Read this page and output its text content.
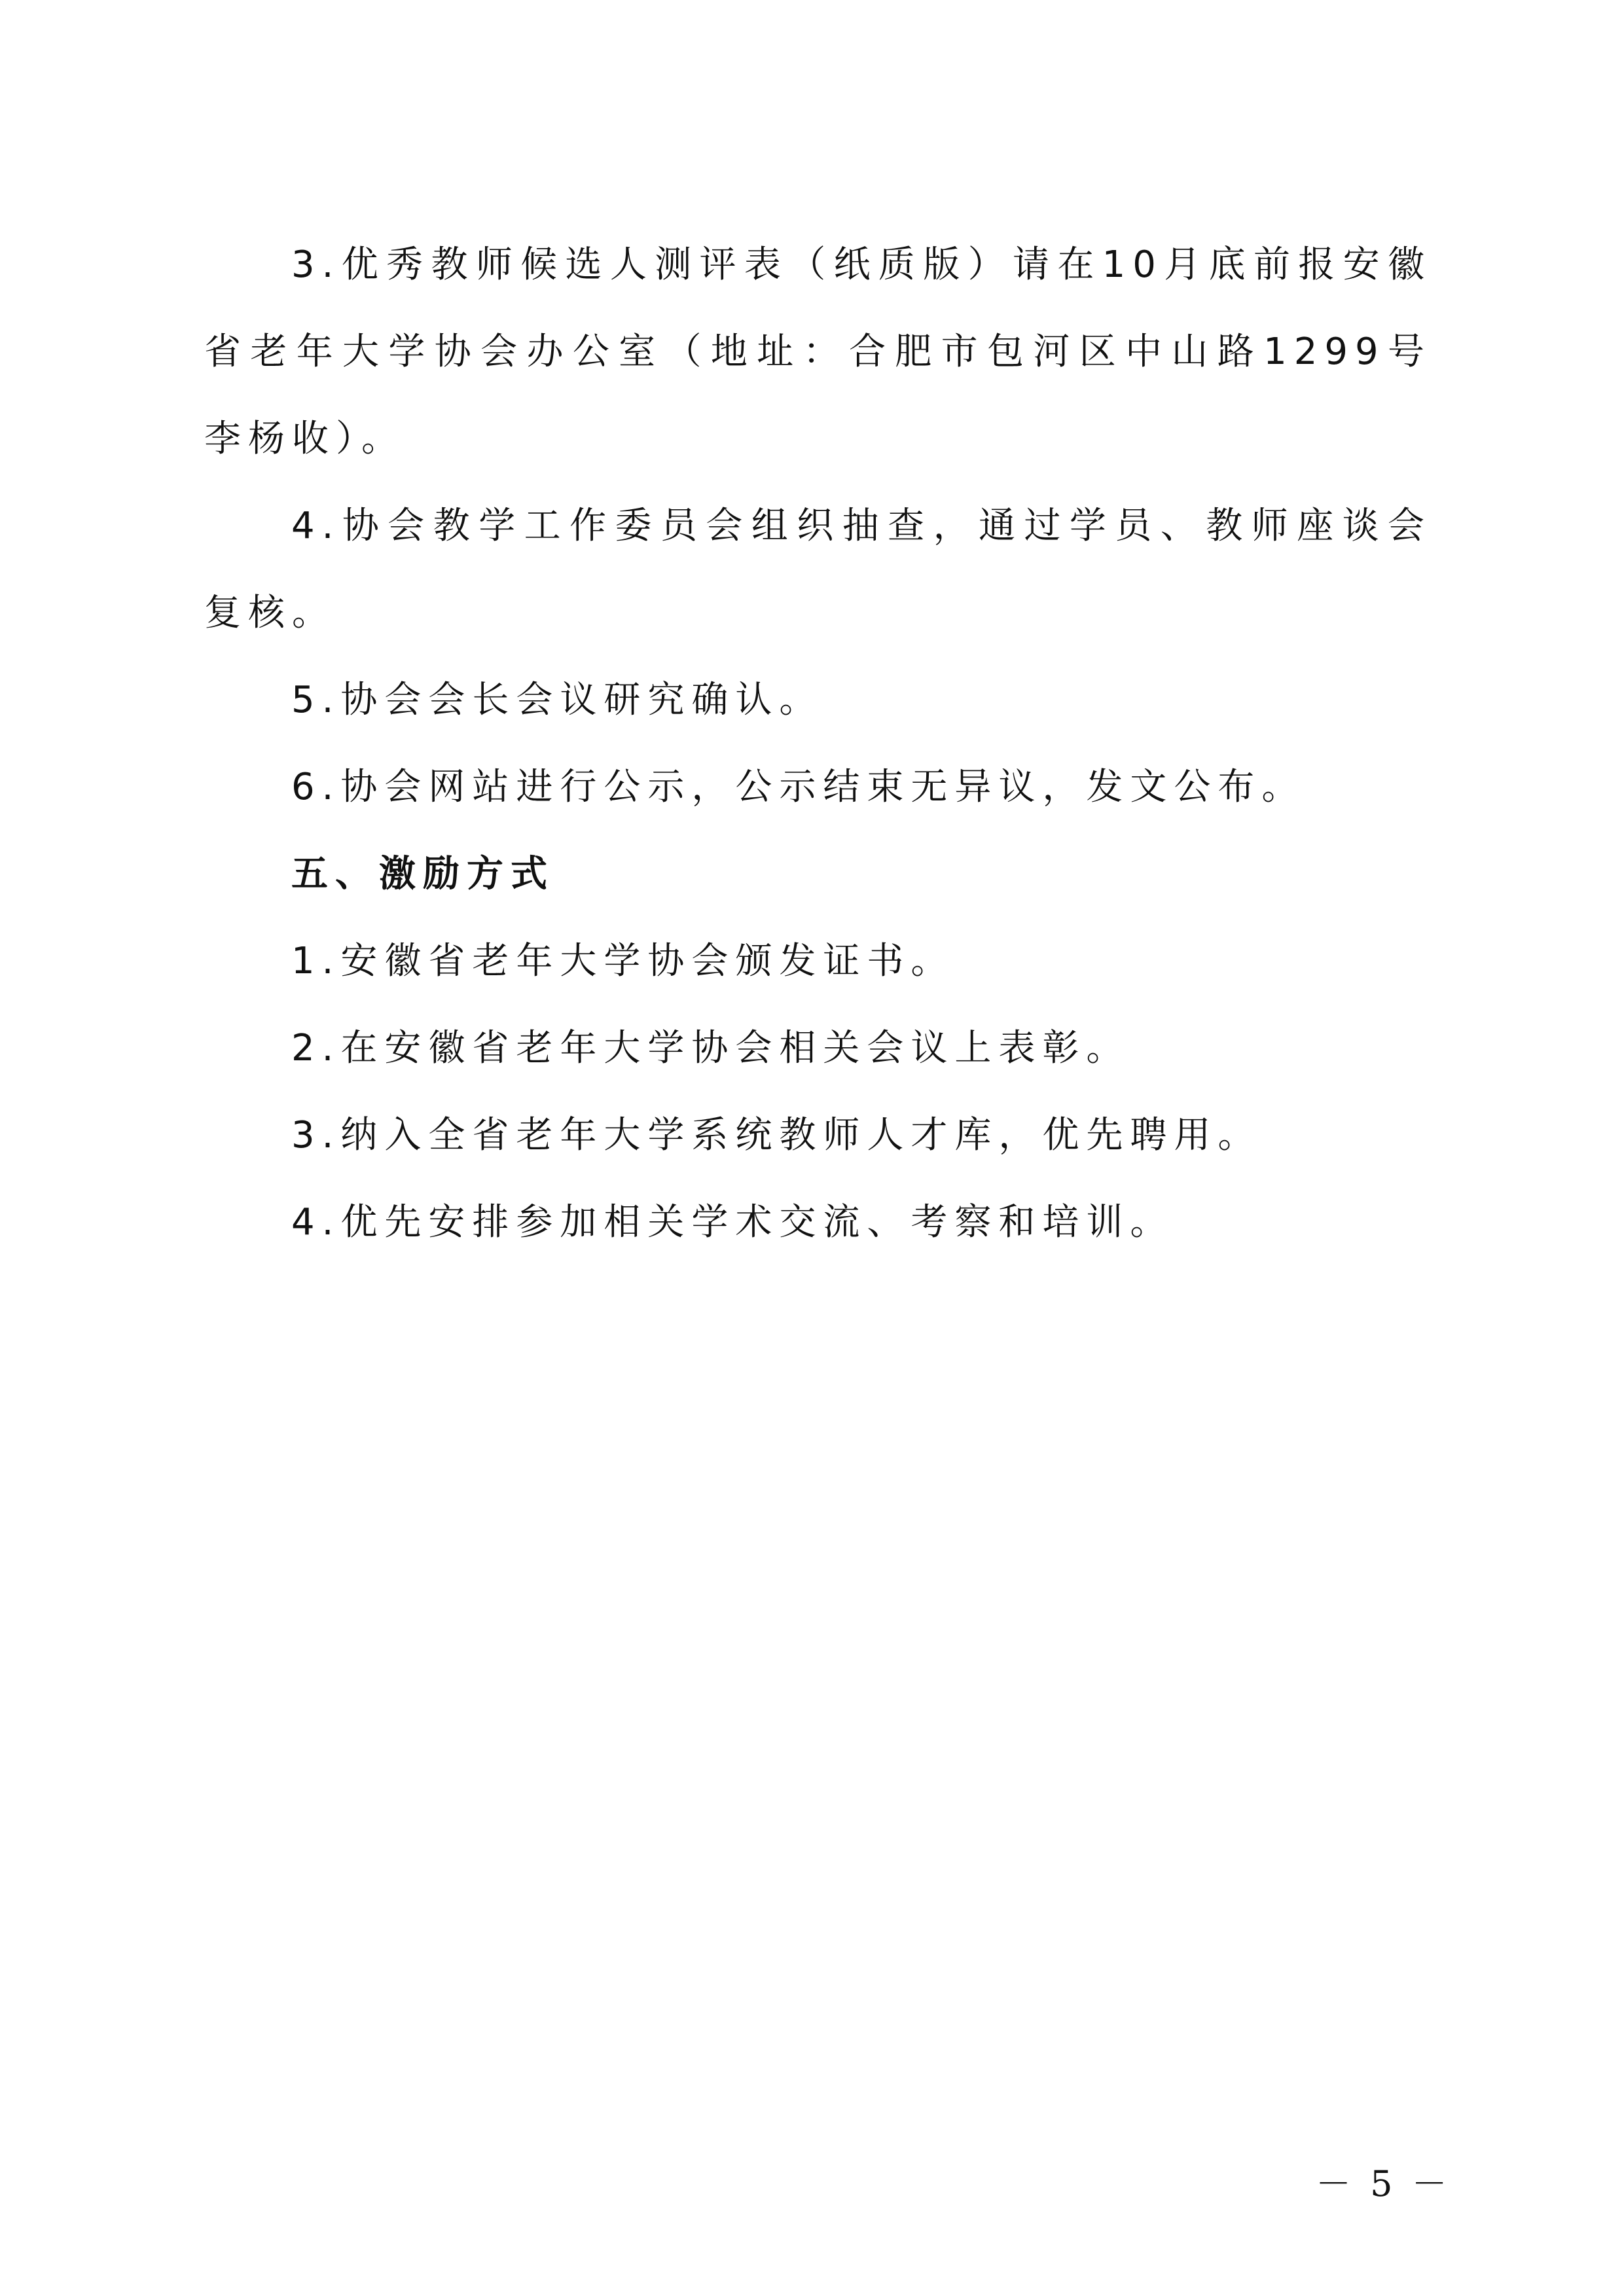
3.优秀教师候选人测评表（纸质版）请在10月底前报安徽省老年大学协会办公室（地址：合肥市包河区中山路1299号 李杨收）。

4.协会教学工作委员会组织抽查，通过学员、教师座谈会复核。

5.协会会长会议研究确认。

6.协会网站进行公示，公示结束无异议，发文公布。

五、激励方式

1.安徽省老年大学协会颁发证书。

2.在安徽省老年大学协会相关会议上表彰。

3.纳入全省老年大学系统教师人才库，优先聘用。

4.优先安排参加相关学术交流、考察和培训。

－ 5 －
